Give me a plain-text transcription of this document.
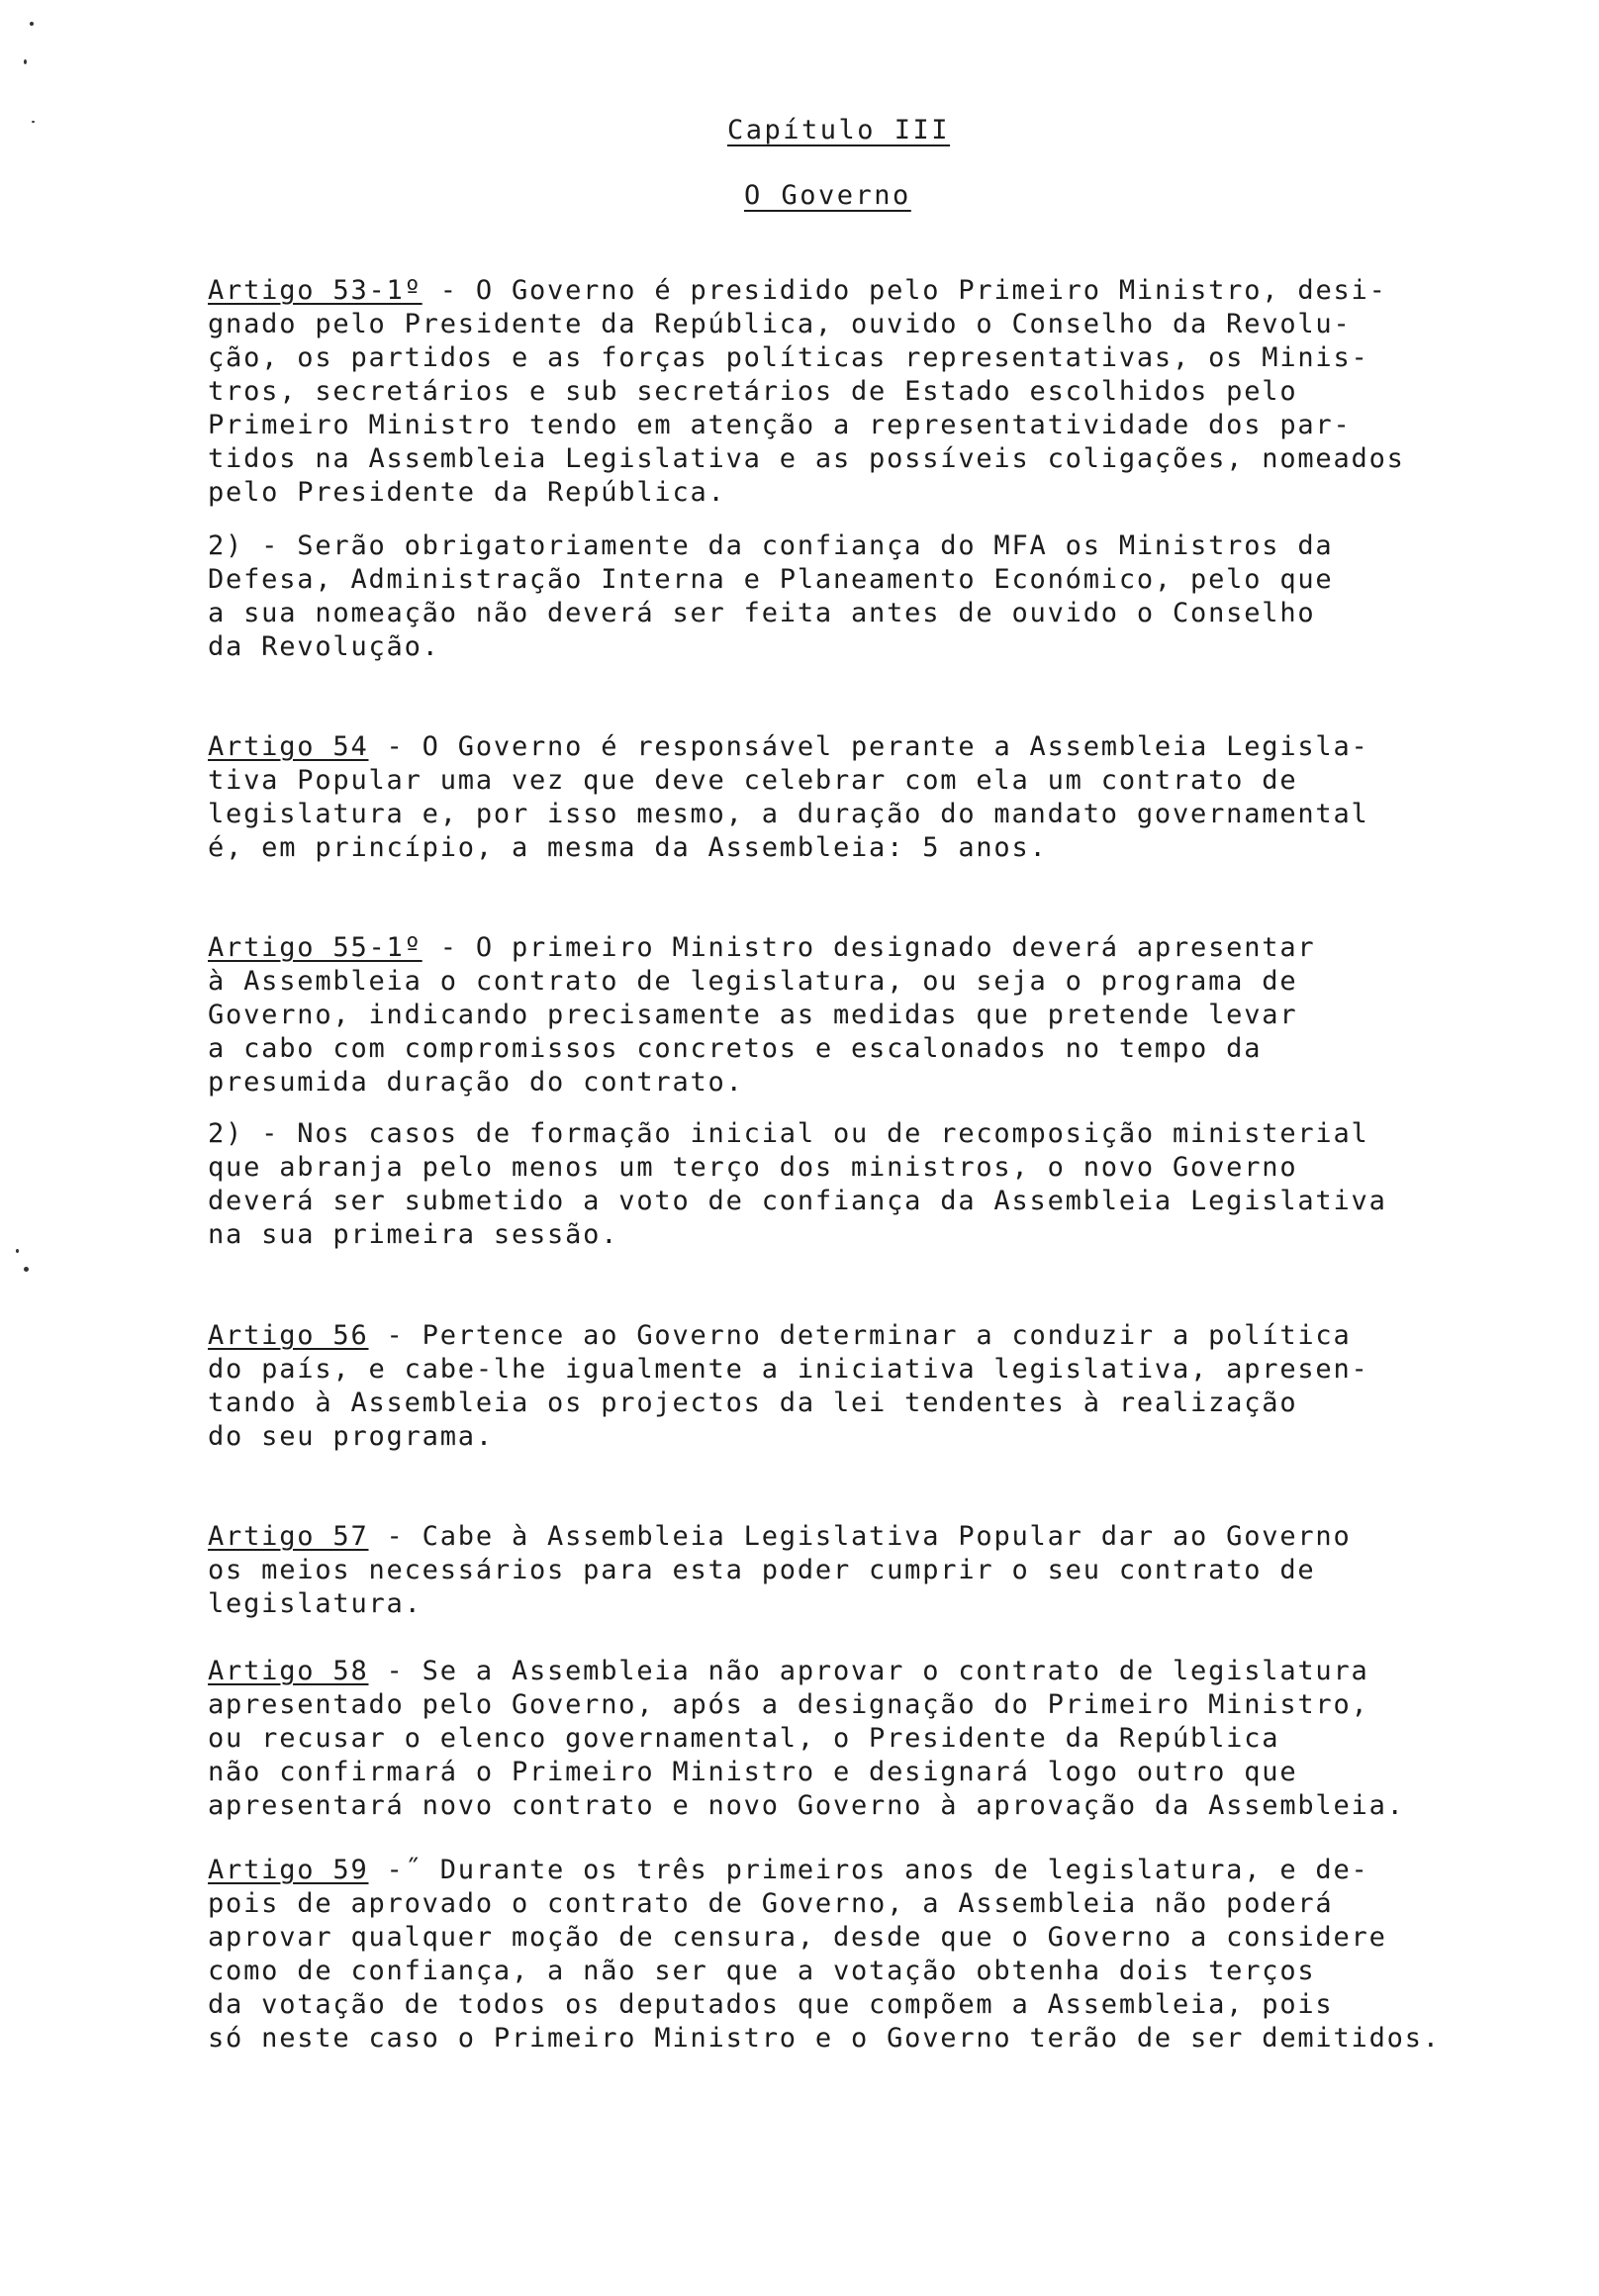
Capítulo III
O Governo

Artigo 53-1º - O Governo é presidido pelo Primeiro Ministro, desi-
gnado pelo Presidente da República, ouvido o Conselho da Revolu-
ção, os partidos e as forças políticas representativas, os Minis-
tros, secretários e sub secretários de Estado escolhidos pelo
Primeiro Ministro tendo em atenção a representatividade dos par-
tidos na Assembleia Legislativa e as possíveis coligações, nomeados
pelo Presidente da República.

2) - Serão obrigatoriamente da confiança do MFA os Ministros da
Defesa, Administração Interna e Planeamento Económico, pelo que
a sua nomeação não deverá ser feita antes de ouvido o Conselho
da Revolução.

Artigo 54 - O Governo é responsável perante a Assembleia Legisla-
tiva Popular uma vez que deve celebrar com ela um contrato de
legislatura e, por isso mesmo, a duração do mandato governamental
é, em princípio, a mesma da Assembleia: 5 anos.

Artigo 55-1º - O primeiro Ministro designado deverá apresentar
à Assembleia o contrato de legislatura, ou seja o programa de
Governo, indicando precisamente as medidas que pretende levar
a cabo com compromissos concretos e escalonados no tempo da
presumida duração do contrato.

2) - Nos casos de formação inicial ou de recomposição ministerial
que abranja pelo menos um terço dos ministros, o novo Governo
deverá ser submetido a voto de confiança da Assembleia Legislativa
na sua primeira sessão.

Artigo 56 - Pertence ao Governo determinar a conduzir a política
do país, e cabe-lhe igualmente a iniciativa legislativa, apresen-
tando à Assembleia os projectos da lei tendentes à realização
do seu programa.

Artigo 57 - Cabe à Assembleia Legislativa Popular dar ao Governo
os meios necessários para esta poder cumprir o seu contrato de
legislatura.

Artigo 58 - Se a Assembleia não aprovar o contrato de legislatura
apresentado pelo Governo, após a designação do Primeiro Ministro,
ou recusar o elenco governamental, o Presidente da República
não confirmará o Primeiro Ministro e designará logo outro que
apresentará novo contrato e novo Governo à aprovação da Assembleia.

Artigo 59 -˝ Durante os três primeiros anos de legislatura, e de-
pois de aprovado o contrato de Governo, a Assembleia não poderá
aprovar qualquer moção de censura, desde que o Governo a considere
como de confiança, a não ser que a votação obtenha dois terços
da votação de todos os deputados que compõem a Assembleia, pois
só neste caso o Primeiro Ministro e o Governo terão de ser demitidos.
